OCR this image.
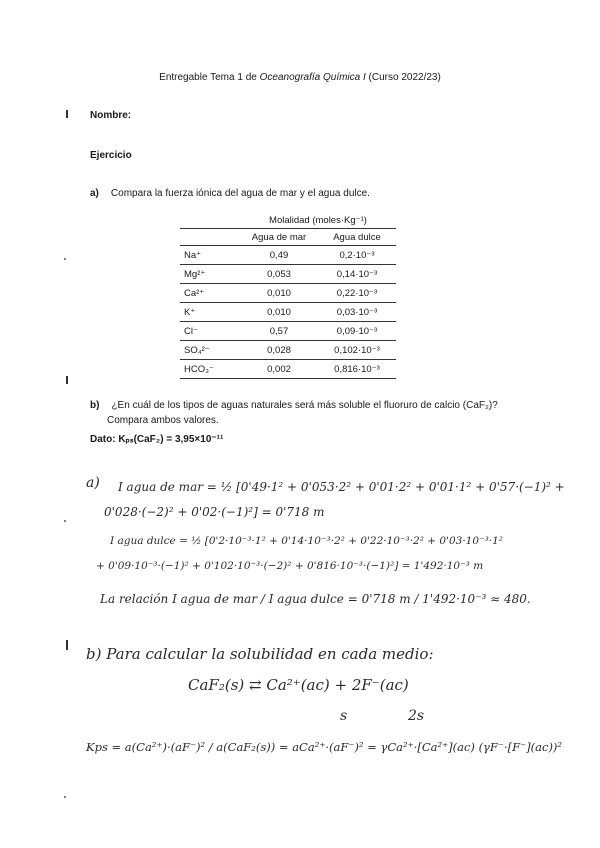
Entregable Tema 1 de Oceanografía Química I (Curso 2022/23)
Nombre:
Ejercicio
a) Compara la fuerza iónica del agua de mar y el agua dulce.
	Molalidad (moles·Kg⁻¹)	
	Agua de mar	Agua dulce
Na⁺	0,49	0,2·10⁻³
Mg²⁺	0,053	0,14·10⁻³
Ca²⁺	0,010	0,22·10⁻³
K⁺	0,010	0,03·10⁻³
Cl⁻	0,57	0,09·10⁻³
SO₄²⁻	0,028	0,102·10⁻³
HCO₃⁻	0,002	0,816·10⁻³
b) ¿En cuál de los tipos de aguas naturales será más soluble el fluoruro de calcio (CaF₂)?
Compara ambos valores.
Dato: Kₚₛ(CaF₂) = 3,95×10⁻¹¹
a) I agua de mar = ½ [0'49·1² + 0'053·2² + 0'01·2² + 0'01·1² + 0'57·(−1)² +
0'028·(−2)² + 0'02·(−1)²] = 0'718 m
I agua dulce = ½ [0'2·10⁻³·1² + 0'14·10⁻³·2² + 0'22·10⁻³·2² + 0'03·10⁻³·1²
+ 0'09·10⁻³·(−1)² + 0'102·10⁻³·(−2)² + 0'816·10⁻³·(−1)²] = 1'492·10⁻³ m
La relación I agua de mar / I agua dulce = 0'718 m / 1'492·10⁻³ ≈ 480.
b) Para calcular la solubilidad en cada medio:
CaF₂(s) ⇄ Ca²⁺(ac) + 2F⁻(ac)
s	2s
Kps = a(Ca²⁺)·(aF⁻)² / a(CaF₂(s)) = aCa²⁺·(aF⁻)² = γCa²⁺·[Ca²⁺](ac) (γF⁻·[F⁻](ac))²
